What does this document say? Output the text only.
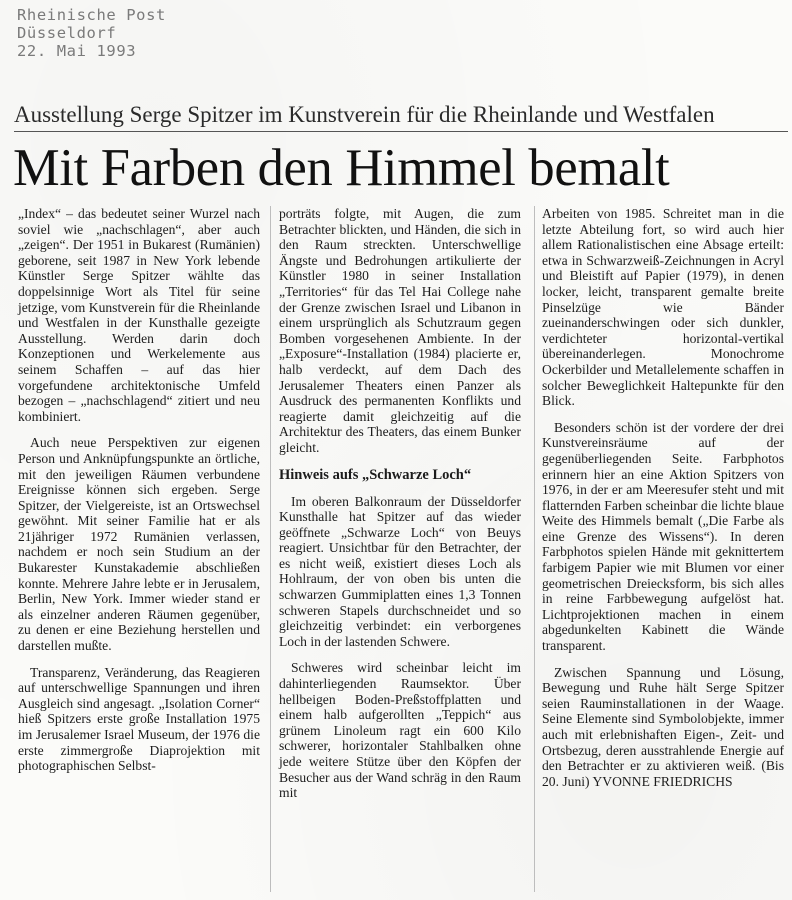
Rheinische Post
Düsseldorf
22. Mai 1993
Ausstellung Serge Spitzer im Kunstverein für die Rheinlande und Westfalen
Mit Farben den Himmel bemalt

„Index“ – das bedeutet seiner Wurzel nach soviel wie „nachschlagen“, aber auch „zeigen“. Der 1951 in Bukarest (Rumänien) geborene, seit 1987 in New York lebende Künstler Serge Spitzer wählte das doppelsinnige Wort als Titel für seine jetzige, vom Kunstverein für die Rheinlande und Westfalen in der Kunsthalle gezeigte Ausstellung. Werden darin doch Konzeptionen und Werkelemente aus seinem Schaffen – auf das hier vorgefundene architektonische Umfeld bezogen – „nachschlagend“ zitiert und neu kombiniert.

Auch neue Perspektiven zur eigenen Person und Anknüpfungspunkte an örtliche, mit den jeweiligen Räumen verbundene Ereignisse können sich ergeben. Serge Spitzer, der Vielgereiste, ist an Ortswechsel gewöhnt. Mit seiner Familie hat er als 21jähriger 1972 Rumänien verlassen, nachdem er noch sein Studium an der Bukarester Kunstakademie abschließen konnte. Mehrere Jahre lebte er in Jerusalem, Berlin, New York. Immer wieder stand er als einzelner anderen Räumen gegenüber, zu denen er eine Beziehung herstellen und darstellen mußte.

Transparenz, Veränderung, das Reagieren auf unterschwellige Spannungen und ihren Ausgleich sind angesagt. „Isolation Corner“ hieß Spitzers erste große Installation 1975 im Jerusalemer Israel Museum, der 1976 die erste zimmergroße Diaprojektion mit photographischen Selbst-

porträts folgte, mit Augen, die zum Betrachter blickten, und Händen, die sich in den Raum streckten. Unterschwellige Ängste und Bedrohungen artikulierte der Künstler 1980 in seiner Installation „Territories“ für das Tel Hai College nahe der Grenze zwischen Israel und Libanon in einem ursprünglich als Schutzraum gegen Bomben vorgesehenen Ambiente. In der „Exposure“-Installation (1984) placierte er, halb verdeckt, auf dem Dach des Jerusalemer Theaters einen Panzer als Ausdruck des permanenten Konflikts und reagierte damit gleichzeitig auf die Architektur des Theaters, das einem Bunker gleicht.

Hinweis aufs „Schwarze Loch“

Im oberen Balkonraum der Düsseldorfer Kunsthalle hat Spitzer auf das wieder geöffnete „Schwarze Loch“ von Beuys reagiert. Unsichtbar für den Betrachter, der es nicht weiß, existiert dieses Loch als Hohlraum, der von oben bis unten die schwarzen Gummiplatten eines 1,3 Tonnen schweren Stapels durchschneidet und so gleichzeitig verbindet: ein verborgenes Loch in der lastenden Schwere.

Schweres wird scheinbar leicht im dahinterliegenden Raumsektor. Über hellbeigen Boden-Preßstoffplatten und einem halb aufgerollten „Teppich“ aus grünem Linoleum ragt ein 600 Kilo schwerer, horizontaler Stahlbalken ohne jede weitere Stütze über den Köpfen der Besucher aus der Wand schräg in den Raum mit

Arbeiten von 1985. Schreitet man in die letzte Abteilung fort, so wird auch hier allem Rationalistischen eine Absage erteilt: etwa in Schwarzweiß-Zeichnungen in Acryl und Bleistift auf Papier (1979), in denen locker, leicht, transparent gemalte breite Pinselzüge wie Bänder zueinanderschwingen oder sich dunkler, verdichteter horizontal-vertikal übereinanderlegen. Monochrome Ockerbilder und Metallelemente schaffen in solcher Beweglichkeit Haltepunkte für den Blick.

Besonders schön ist der vordere der drei Kunstvereinsräume auf der gegenüberliegenden Seite. Farbphotos erinnern hier an eine Aktion Spitzers von 1976, in der er am Meeresufer steht und mit flatternden Farben scheinbar die lichte blaue Weite des Himmels bemalt („Die Farbe als eine Grenze des Wissens“). In deren Farbphotos spielen Hände mit geknittertem farbigem Papier wie mit Blumen vor einer geometrischen Dreiecksform, bis sich alles in reine Farbbewegung aufgelöst hat. Lichtprojektionen machen in einem abgedunkelten Kabinett die Wände transparent.

Zwischen Spannung und Lösung, Bewegung und Ruhe hält Serge Spitzer seien Rauminstallationen in der Waage. Seine Elemente sind Symbolobjekte, immer auch mit erlebnishaften Eigen-, Zeit- und Ortsbezug, deren ausstrahlende Energie auf den Betrachter er zu aktivieren weiß. (Bis 20. Juni) YVONNE FRIEDRICHS
